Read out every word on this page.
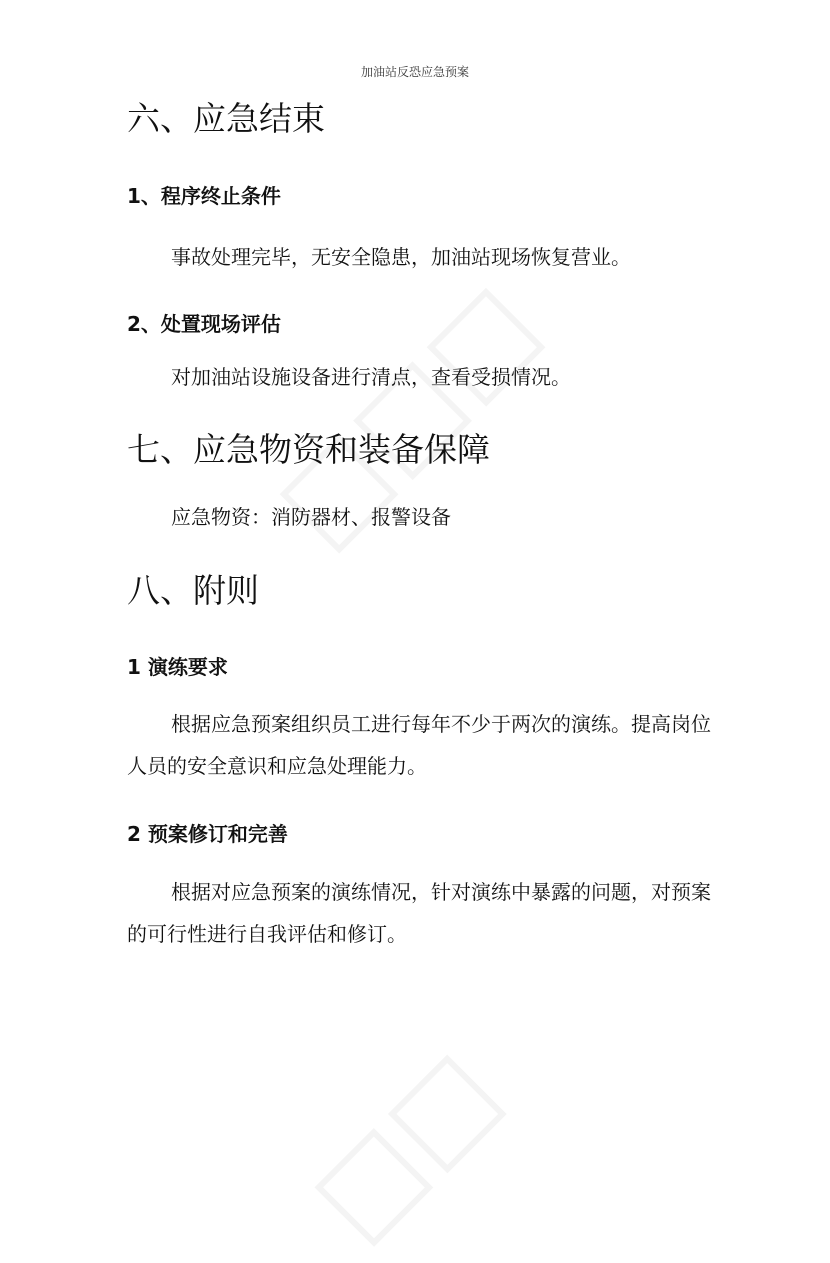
加油站反恐应急预案
六、应急结束
1、程序终止条件

事故处理完毕，无安全隐患，加油站现场恢复营业。

2、处置现场评估

对加油站设施设备进行清点，查看受损情况。

七、应急物资和装备保障

应急物资：消防器材、报警设备

八、附则
1 演练要求

根据应急预案组织员工进行每年不少于两次的演练。提高岗位人员的安全意识和应急处理能力。

2 预案修订和完善

根据对应急预案的演练情况，针对演练中暴露的问题，对预案的可行性进行自我评估和修订。
